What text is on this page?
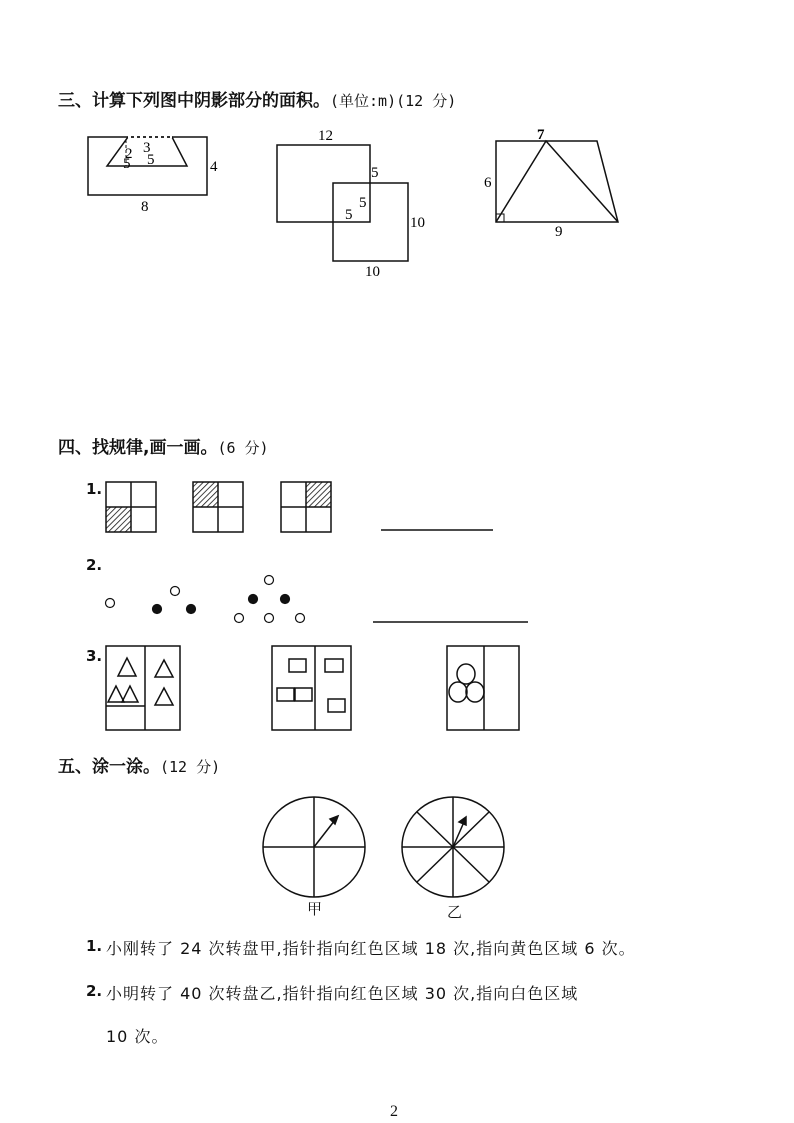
三、计算下列图中阴影部分的面积。(单位:m)(12 分)
3
2
5 5	4
8
12
5
5
5	10
10
7
6
9
四、找规律,画一画。(6 分)
1.
2.
3.
五、涂一涂。(12 分)
甲	乙
1. 小刚转了 24 次转盘甲,指针指向红色区域 18 次,指向黄色区域 6 次。
2. 小明转了 40 次转盘乙,指针指向红色区域 30 次,指向白色区域
10 次。
2
